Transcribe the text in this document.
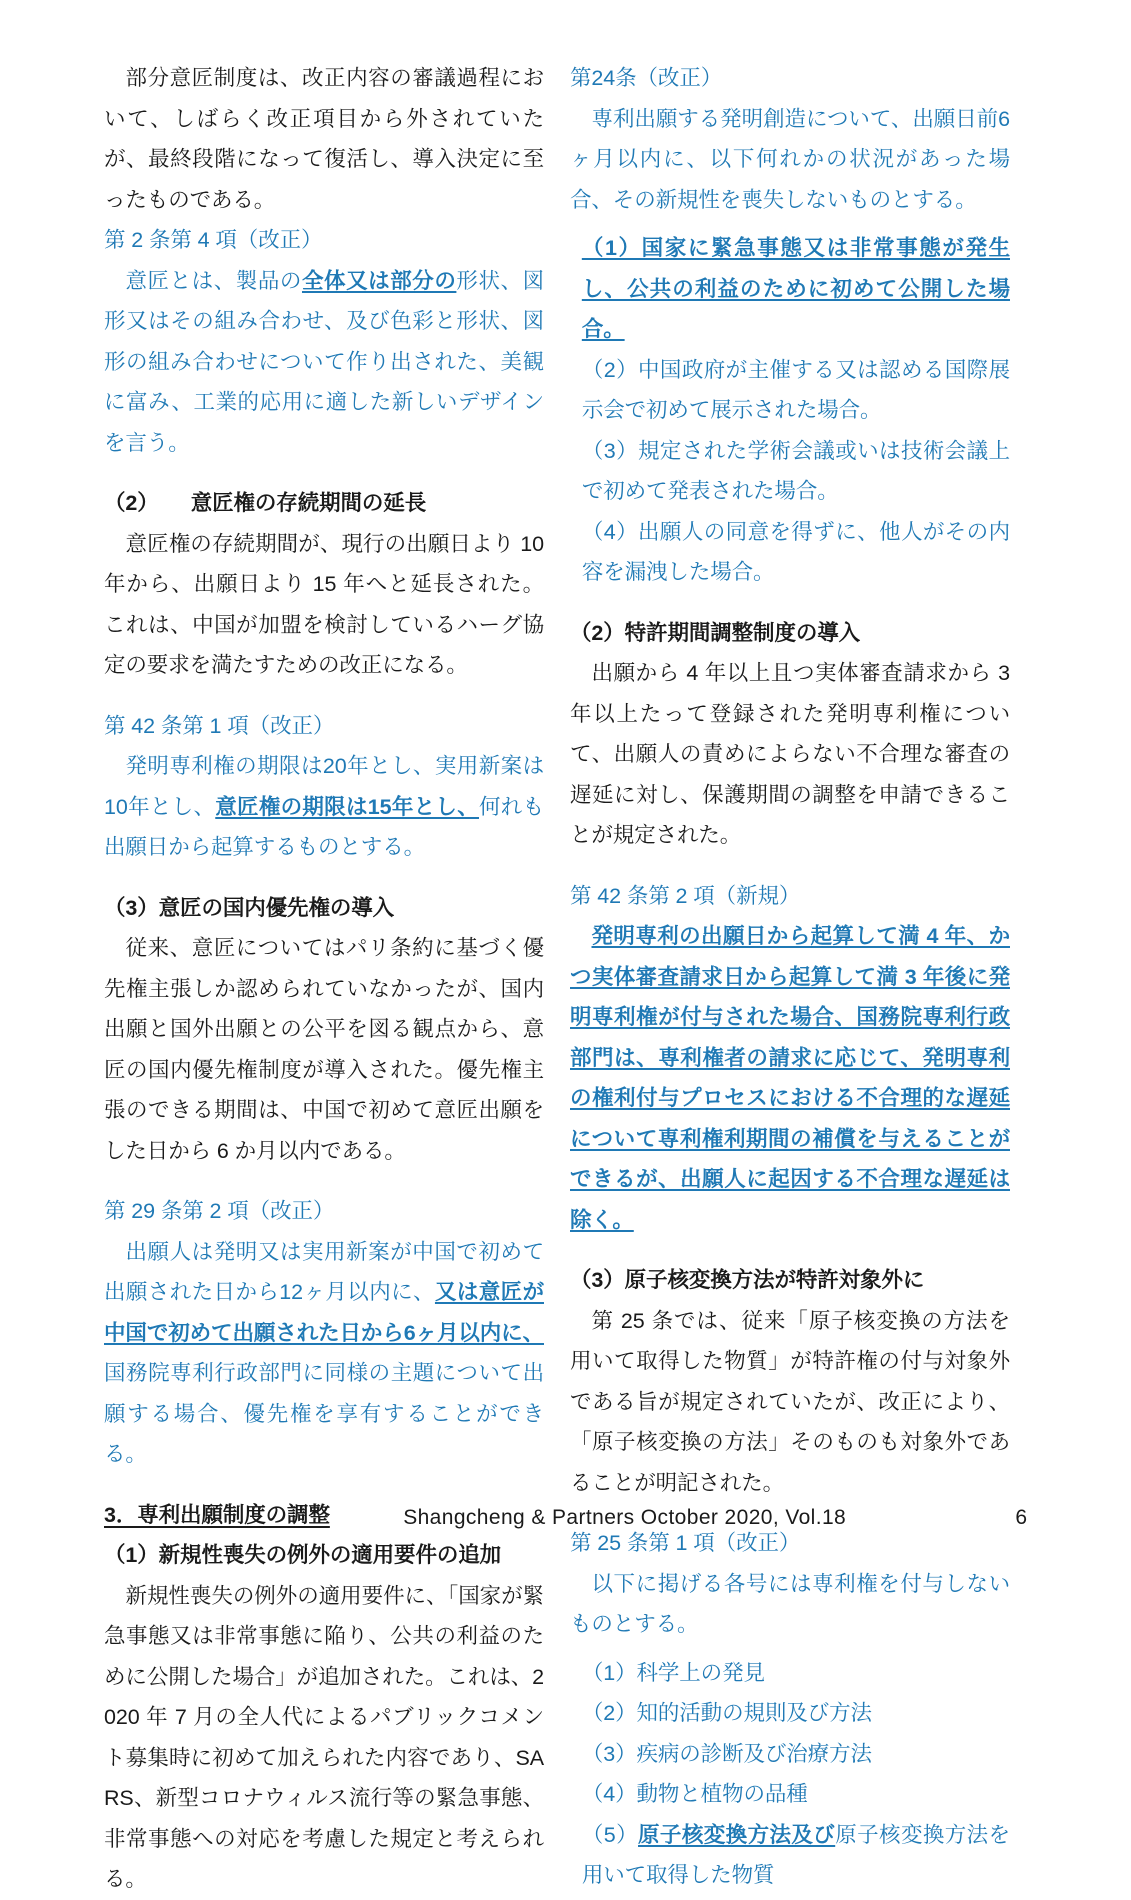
部分意匠制度は、改正内容の審議過程において、しばらく改正項目から外されていたが、最終段階になって復活し、導入決定に至ったものである。

第 2 条第 4 項（改正）

意匠とは、製品の全体又は部分の形状、図形又はその組み合わせ、及び色彩と形状、図形の組み合わせについて作り出された、美観に富み、工業的応用に適した新しいデザインを言う。

（2）　　意匠権の存続期間の延長

意匠権の存続期間が、現行の出願日より 10 年から、出願日より 15 年へと延長された。これは、中国が加盟を検討しているハーグ協定の要求を満たすための改正になる。

第 42 条第 1 項（改正）

発明専利権の期限は20年とし、実用新案は10年とし、意匠権の期限は15年とし、何れも出願日から起算するものとする。

（3）意匠の国内優先権の導入

従来、意匠についてはパリ条約に基づく優先権主張しか認められていなかったが、国内出願と国外出願との公平を図る観点から、意匠の国内優先権制度が導入された。優先権主張のできる期間は、中国で初めて意匠出願をした日から 6 か月以内である。

第 29 条第 2 項（改正）

出願人は発明又は実用新案が中国で初めて出願された日から12ヶ月以内に、又は意匠が中国で初めて出願された日から6ヶ月以内に、国務院専利行政部門に同様の主題について出願する場合、優先権を享有することができる。

3．専利出願制度の調整

（1）新規性喪失の例外の適用要件の追加

新規性喪失の例外の適用要件に、「国家が緊急事態又は非常事態に陥り、公共の利益のために公開した場合」が追加された。これは、2020 年 7 月の全人代によるパブリックコメント募集時に初めて加えられた内容であり、SARS、新型コロナウィルス流行等の緊急事態、非常事態への対応を考慮した規定と考えられる。

第24条（改正）

専利出願する発明創造について、出願日前6ヶ月以内に、以下何れかの状況があった場合、その新規性を喪失しないものとする。

（1）国家に緊急事態又は非常事態が発生し、公共の利益のために初めて公開した場合。

（2）中国政府が主催する又は認める国際展示会で初めて展示された場合。

（3）規定された学術会議或いは技術会議上で初めて発表された場合。

（4）出願人の同意を得ずに、他人がその内容を漏洩した場合。

（2）特許期間調整制度の導入

出願から 4 年以上且つ実体審査請求から 3 年以上たって登録された発明専利権について、出願人の責めによらない不合理な審査の遅延に対し、保護期間の調整を申請できることが規定された。

第 42 条第 2 項（新規）

発明専利の出願日から起算して満 4 年、かつ実体審査請求日から起算して満 3 年後に発明専利権が付与された場合、国務院専利行政部門は、専利権者の請求に応じて、発明専利の権利付与プロセスにおける不合理的な遅延について専利権利期間の補償を与えることができるが、出願人に起因する不合理な遅延は除く。

（3）原子核変換方法が特許対象外に

第 25 条では、従来「原子核変換の方法を用いて取得した物質」が特許権の付与対象外である旨が規定されていたが、改正により、「原子核変換の方法」そのものも対象外であることが明記された。

第 25 条第 1 項（改正）

以下に掲げる各号には専利権を付与しないものとする。

（1）科学上の発見

（2）知的活動の規則及び方法

（3）疾病の診断及び治療方法

（4）動物と植物の品種

（5）原子核変換方法及び原子核変換方法を用いて取得した物質

Shangcheng & Partners October 2020, Vol.18	6
